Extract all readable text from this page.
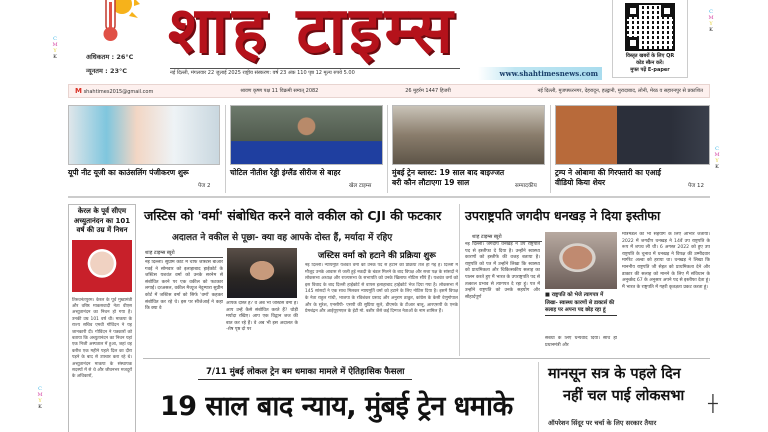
C
M
Y
K
C
M
Y
K
C
M
Y
K
C
M
Y
K	┼
अधिकतम : 26°C
न्यूनतम : 23°C
शाह टाइम्स
नई दिल्ली, मंगलवार 22 जुलाई 2025 राष्ट्रीय संस्करण: वर्ष 23 अंक 110 पृष्ठ 12 मूल्य रुपये 5.00	www.shahtimesnews.com
विस्तृत खबरों के लिए QR
कोड स्कैन करें।
मुफ्त पढ़ें E-paper
M shahtimes2015@gmail.com	श्रावण कृष्ण पक्ष 11 विक्रमी सम्वत् 2082	26 मुहर्रम 1447 हिजरी	नई दिल्ली, मुजफ्फरनगर, देहरादून, हल्द्वानी, मुरादाबाद, लोनी, मेरठ व सहारनपुर से प्रकाशित
यूपी नीट यूजी का काउंसलिंग पंजीकरण शुरू
पेज 2
चोटिल नीतीश रेड्डी इंग्लैंड सीरीज से बाहर
खेल टाइम्स
मुंबई ट्रेन ब्लास्ट: 19 साल बाद बाइज्जत बरी कौन लौटाएगा 19 साल	सम्पादकीय
ट्रम्प ने ओबामा की गिरफ्तारी का एआई वीडियो किया शेयर	पेज 12
केरल के पूर्व सीएम अच्युतानंदन का 101 वर्ष की उम्र में निधन
तिरुवनंतपुरम। केरल के पूर्व मुख्यमंत्री और वरिष्ठ माकसवादी नेता वीएस अच्युतानंदन का निधन हो गया है। उनकी उम्र 101 वर्ष थी। माकपा के राज्य सचिव एमवी गोविंदन ने यह जानकारी दी। गोविंदन ने पत्रकारों को बताया कि अच्युतानंदन का निधन यहां एक निजी अस्पताल में हुआ, जहां वह करीब एक महीने पहले दिल का दौरा पड़ने के बाद से उपचार करा रहे थे। अच्युतानंदन माकपा के संस्थापक सदस्यों में से थे और जीवनभर मजदूरों के अधिकारों,
जस्टिस को 'वर्मा' संबोधित करने वाले वकील को CJI की फटकार
अदालत ने वकील से पूछा- क्या वह आपके दोस्त हैं, मर्यादा में रहिए
शाह टाइम्स ब्यूरो
नई दिल्ली। सुप्रीम कोर्ट में चीफ जस्टिस बीआर गवई ने सोमवार को इलाहाबाद हाईकोर्ट के जस्टिस यशवंत वर्मा को उनके सरनेम से संबोधित करने पर एक वकील को फटकार लगाई। दरअसल, वकील मैथ्यूज नेदुम्पारा सुप्रीम कोर्ट में जस्टिस वर्मा को सिर्फ 'वर्मा' कहकर संबोधित कर रहे थे। इस पर सीजेआई ने कहा कि क्या वे
आपके दोस्त हैं? वे अब भी जस्टिस वर्मा हैं। आप उन्हें कैसे संबोधित करते हैं? थोड़ी मर्यादा रखिए। आप एक विद्वान जज की बात कर रहे हैं। वे अब भी इस अदालत के -शेष पृष्ठ दो पर
जस्टिस वर्मा को हटाने की प्रक्रिया शुरू
नई दिल्ली। न्यायमूर्ति यशवंत वर्मा को उनके पद से हटाने की प्रक्रिया तेज हो गई है। दिल्ली में मौजूद उनके आवास से जली हुई नकदी के बंडल मिलने के बाद विपक्ष और सत्ता पक्ष के सांसदों ने लोकसभा अध्यक्ष और राज्यसभा के सभापति को उनके खिलाफ नोटिस सौंपे हैं। यशवंत वर्मा को इस विवाद के बाद दिल्ली हाईकोर्ट से वापस इलाहाबाद हाईकोर्ट भेज दिया गया है। लोकसभा में 145 सांसदों ने एक साथ मिलकर न्यायमूर्ति वर्मा को हटाने के लिए नोटिस दिया है। इसमें विपक्ष के नेता राहुल गांधी, भाजपा के रविशंकर प्रसाद और अनुराग ठाकुर, कांग्रेस के केसी वेणुगोपाल और के सुरेश, एनसीपी- एसपी की सुप्रिया सुले, डीएमके के टीआर बालू, आरएसपी के एनके प्रेमचंद्रन और आईयूएमएल के ईटी मो. बशीर जैसे कई दिग्गज नेताओं के नाम शामिल हैं।
उपराष्ट्रपति जगदीप धनखड़ ने दिया इस्तीफा
शाह टाइम्स ब्यूरो
नई दिल्ली। जगदीप धनखड़ ने उप राष्ट्रपति पद से इस्तीफा दे दिया है। उन्होंने स्वास्थ्य कारणों को इस्तीफे की वजह बताया है। राष्ट्रपति को पत्र में उन्होंने लिखा कि स्वास्थ्य को प्राथमिकता और चिकित्सकीय सलाह का पालन करते हुए मैं भारत के उपराष्ट्रपति पद से तत्काल प्रभाव से त्यागपत्र दे रहा हूं। पत्र में उन्होंने राष्ट्रपति को उनके सहयोग और सौहार्दपूर्ण	■ राष्ट्रपति को भेजे त्यागपत्र में लिखा- स्वास्थ्य कारणों से डाक्टर्स की सलाह पर अपना पद छोड़ रहा हूं
संबंधों के लिए धन्यवाद दिया। साथ ही प्रधानमंत्री और
मंत्रिमंडल को भी सहयोग के लिए आभार जताया। 2022 में जगदीप धनखड़ ने 14वें उप राष्ट्रपति के रूप में शपथ ली थी। 6 अगस्त 2022 को हुए उप राष्ट्रपति के चुनाव में धनखड़ ने विपक्ष की उम्मीदवार मार्गरेट अल्वा को हराया था। धनखड़ ने लिखा कि माननीय राष्ट्रपति जी सेहत को प्राथमिकता देने और डाक्टर की सलाह को मानने के लिए मैं संविधान के अनुच्छेद 67 के अनुसार अपने पद से इस्तीफा देता हूं। मैं भारत के राष्ट्रपति में गहरी कृतज्ञता प्रकट करता हूं।
7/11 मुंबई लोकल ट्रेन बम धमाका मामले में ऐतिहासिक फैसला
19 साल बाद न्याय, मुंबई ट्रेन धमाके
मानसून सत्र के पहले दिन
नहीं चल पाई लोकसभा
ऑपरेशन सिंदूर पर चर्चा के लिए सरकार तैयार
